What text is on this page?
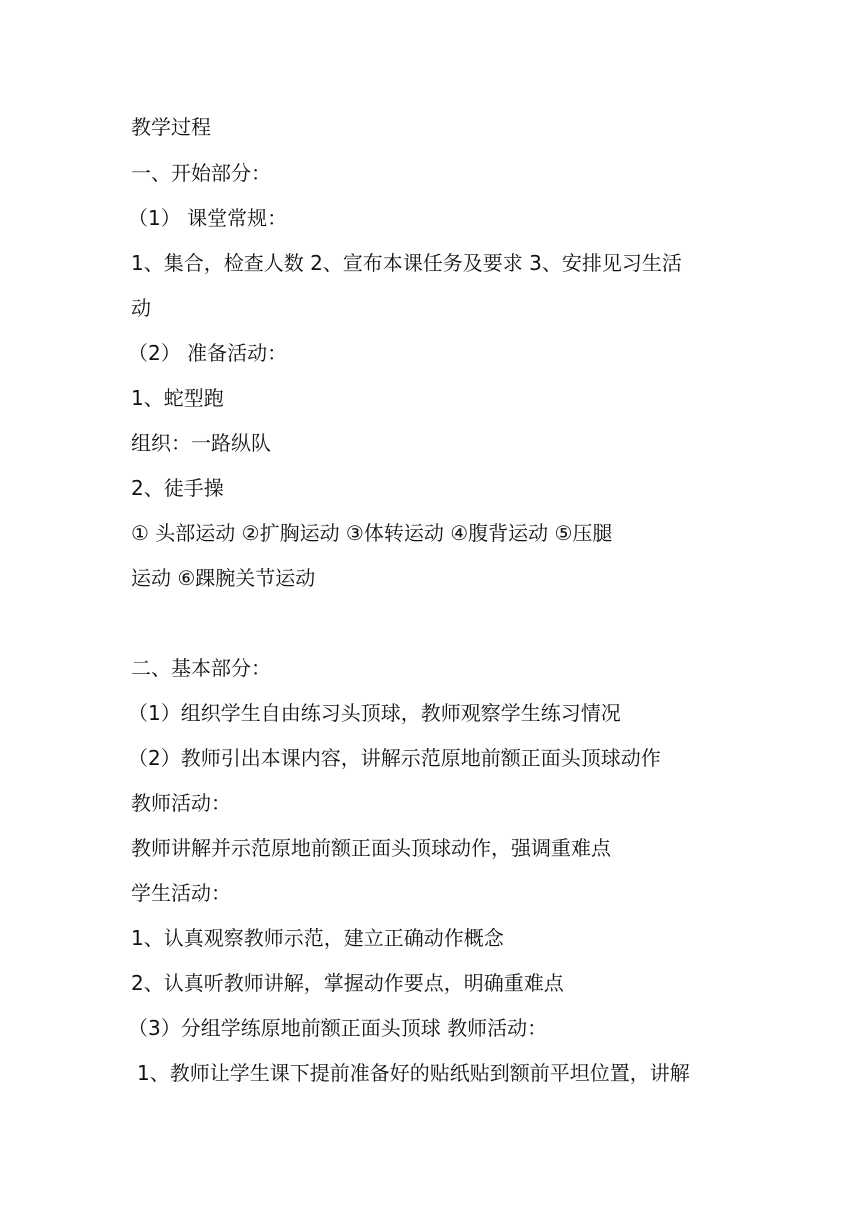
教学过程
一、开始部分：
（1） 课堂常规：
1、集合，检查人数 2、宣布本课任务及要求 3、安排见习生活
动
（2） 准备活动：
1、蛇型跑
组织：一路纵队
2、徒手操
① 头部运动 ②扩胸运动 ③体转运动 ④腹背运动 ⑤压腿
运动 ⑥踝腕关节运动
二、基本部分：
（1）组织学生自由练习头顶球，教师观察学生练习情况
（2）教师引出本课内容，讲解示范原地前额正面头顶球动作
教师活动：
教师讲解并示范原地前额正面头顶球动作，强调重难点
学生活动：
1、认真观察教师示范，建立正确动作概念
2、认真听教师讲解，掌握动作要点，明确重难点
（3）分组学练原地前额正面头顶球 教师活动：
1、教师让学生课下提前准备好的贴纸贴到额前平坦位置，讲解
